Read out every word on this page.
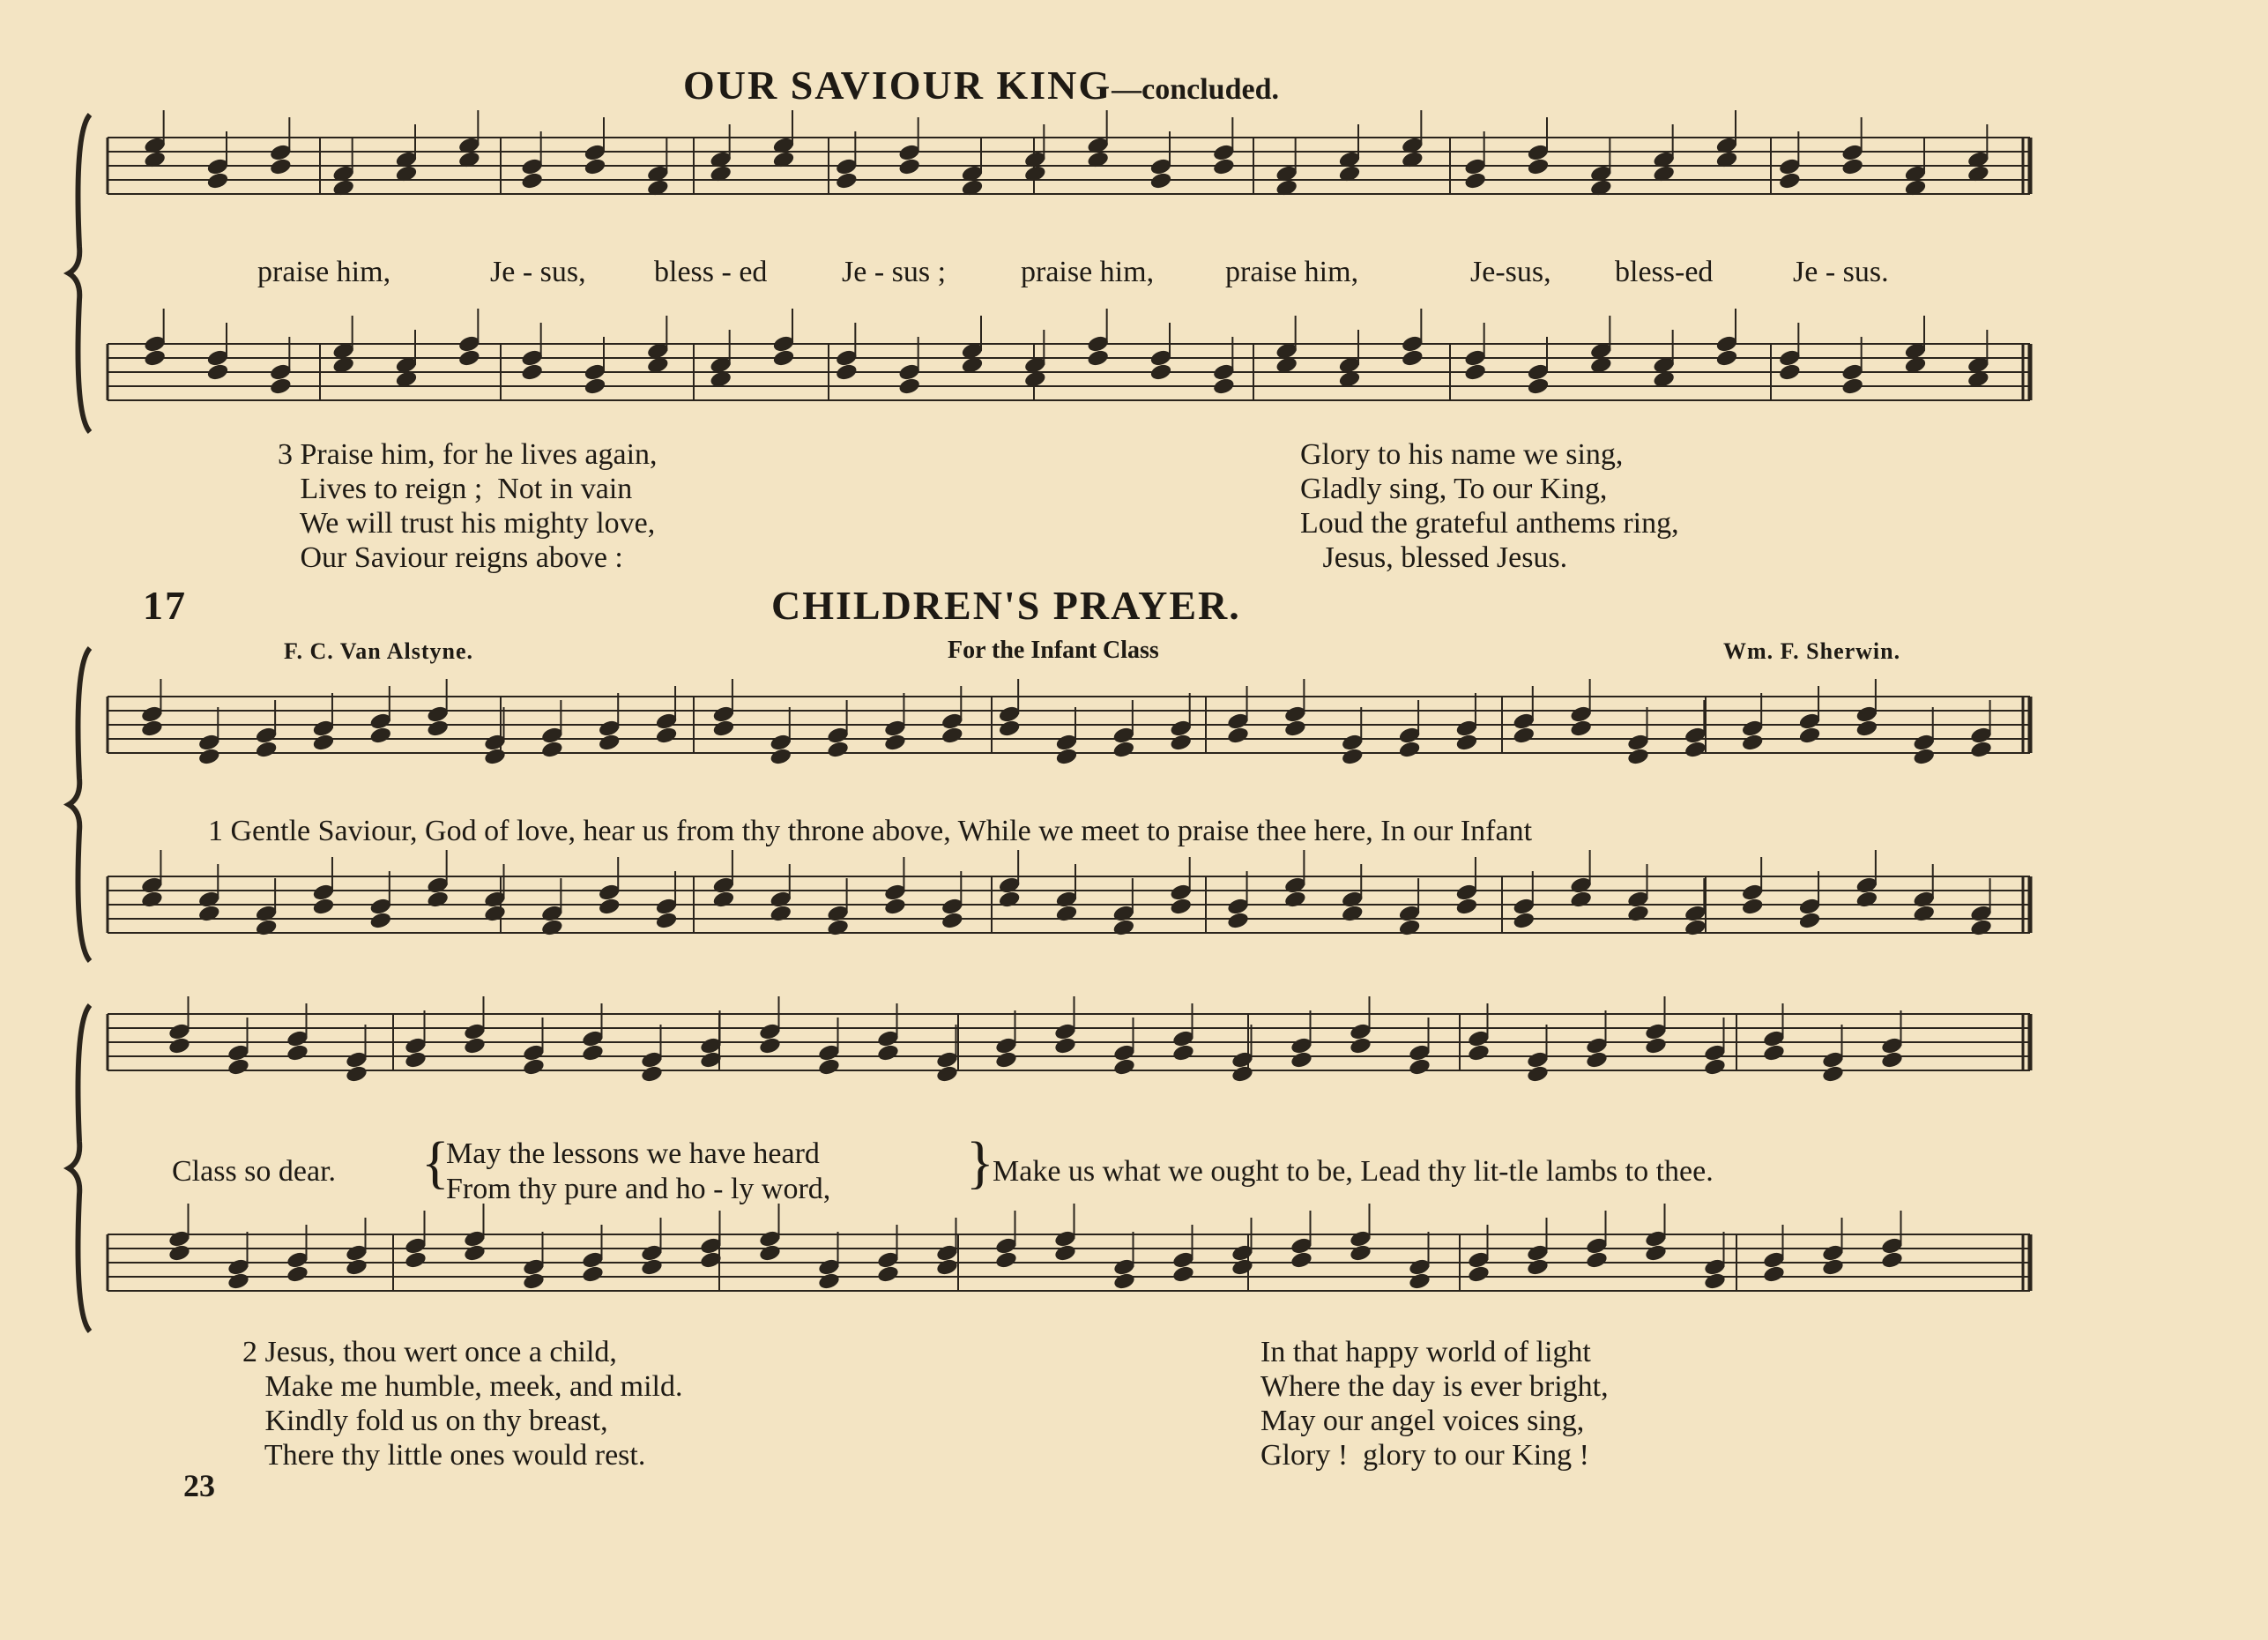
OUR SAVIOUR KING—concluded.
praise him,	Je - sus, bless - ed Je - sus ; praise him, praise him,	Je-sus, bless-ed	Je - sus.
3 Praise him, for he lives again,
Lives to reign ;  Not in vain
We will trust his mighty love,
Our Saviour reigns above :
Glory to his name we sing,
Gladly sing, To our King,
Loud the grateful anthems ring,
Jesus, blessed Jesus.
17	CHILDREN'S PRAYER.
F. C. Van Alstyne.	For the Infant Class	Wm. F. Sherwin.
1 Gentle Saviour, God of love, hear us from thy throne above, While we meet to praise thee here, In our Infant
Class so dear. {
May the lessons we have heard
From thy pure and ho - ly word, }
Make us what we ought to be, Lead thy lit-tle lambs to thee.
2 Jesus, thou wert once a child,
Make me humble, meek, and mild.
Kindly fold us on thy breast,
There thy little ones would rest.
In that happy world of light
Where the day is ever bright,
May our angel voices sing,
Glory !  glory to our King !
23
